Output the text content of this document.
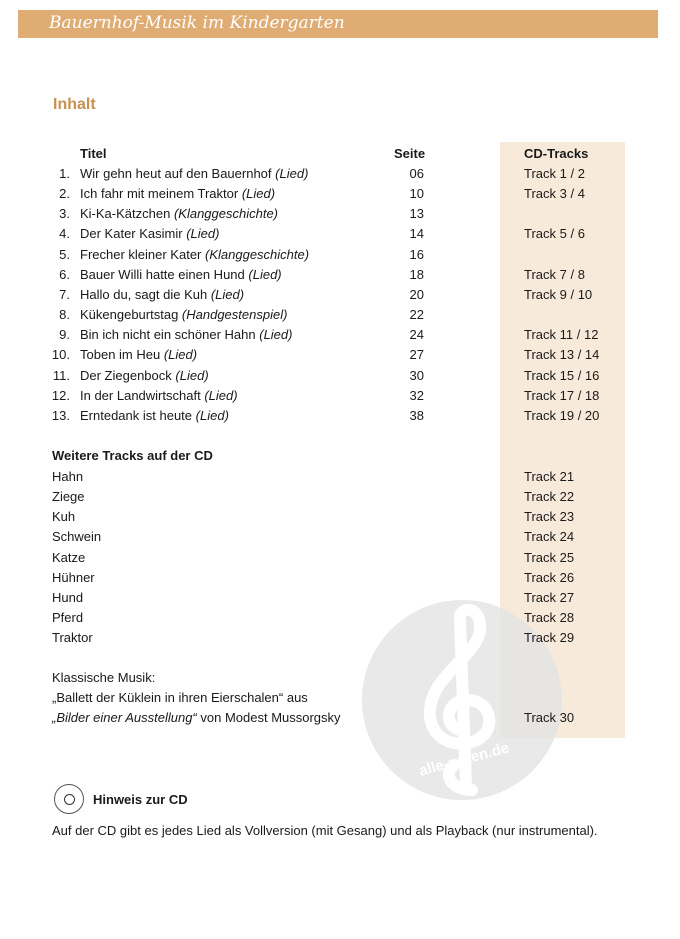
Bauernhof-Musik im Kindergarten
alle-noten.de
Inhalt
Titel	Seite	CD-Tracks
1. Wir gehn heut auf den Bauernhof (Lied)	06	Track 1 / 2
2. Ich fahr mit meinem Traktor (Lied)	10	Track 3 / 4
3. Ki-Ka-Kätzchen (Klanggeschichte)	13
4. Der Kater Kasimir (Lied)	14	Track 5 / 6
5. Frecher kleiner Kater (Klanggeschichte)	16
6. Bauer Willi hatte einen Hund (Lied)	18	Track 7 / 8
7. Hallo du, sagt die Kuh (Lied)	20	Track 9 / 10
8. Kükengeburtstag (Handgestenspiel)	22
9. Bin ich nicht ein schöner Hahn (Lied)	24	Track 11 / 12
10. Toben im Heu (Lied)	27	Track 13 / 14
11. Der Ziegenbock (Lied)	30	Track 15 / 16
12. In der Landwirtschaft (Lied)	32	Track 17 / 18
13. Erntedank ist heute (Lied)	38	Track 19 / 20
Weitere Tracks auf der CD
Hahn	Track 21
Ziege	Track 22
Kuh	Track 23
Schwein	Track 24
Katze	Track 25
Hühner	Track 26
Hund	Track 27
Pferd	Track 28
Traktor	Track 29
Klassische Musik:
„Ballett der Küklein in ihren Eierschalen“ aus
„Bilder einer Ausstellung“ von Modest Mussorgsky	Track 30
Hinweis zur CD
Auf der CD gibt es jedes Lied als Vollversion (mit Gesang) und als Playback (nur instrumental).
